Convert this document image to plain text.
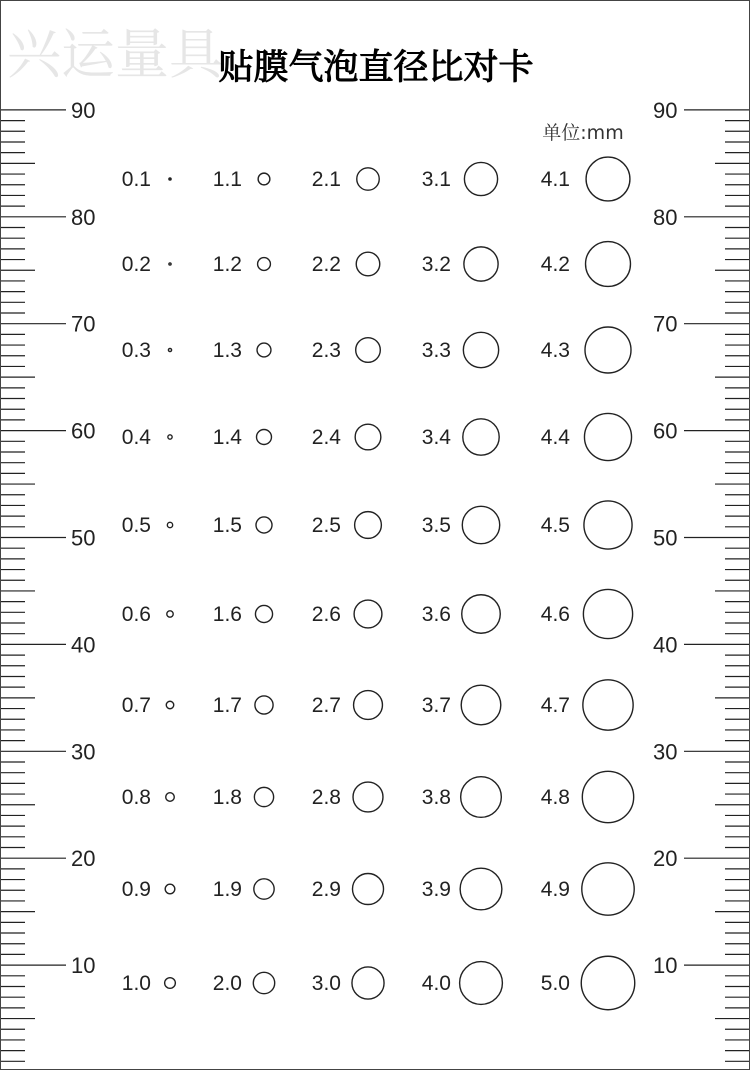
兴运量具
贴膜气泡直径比对卡
单位:mm
10
20
30
40
50
60
70
80
90
10
20
30
40
50
60
70
80
90
0.1
0.2
0.3
0.4
0.5
0.6
0.7
0.8
0.9
1.0
1.1
1.2
1.3
1.4
1.5
1.6
1.7
1.8
1.9
2.0
2.1
2.2
2.3
2.4
2.5
2.6
2.7
2.8
2.9
3.0
3.1
3.2
3.3
3.4
3.5
3.6
3.7
3.8
3.9
4.0
4.1
4.2
4.3
4.4
4.5
4.6
4.7
4.8
4.9
5.0
